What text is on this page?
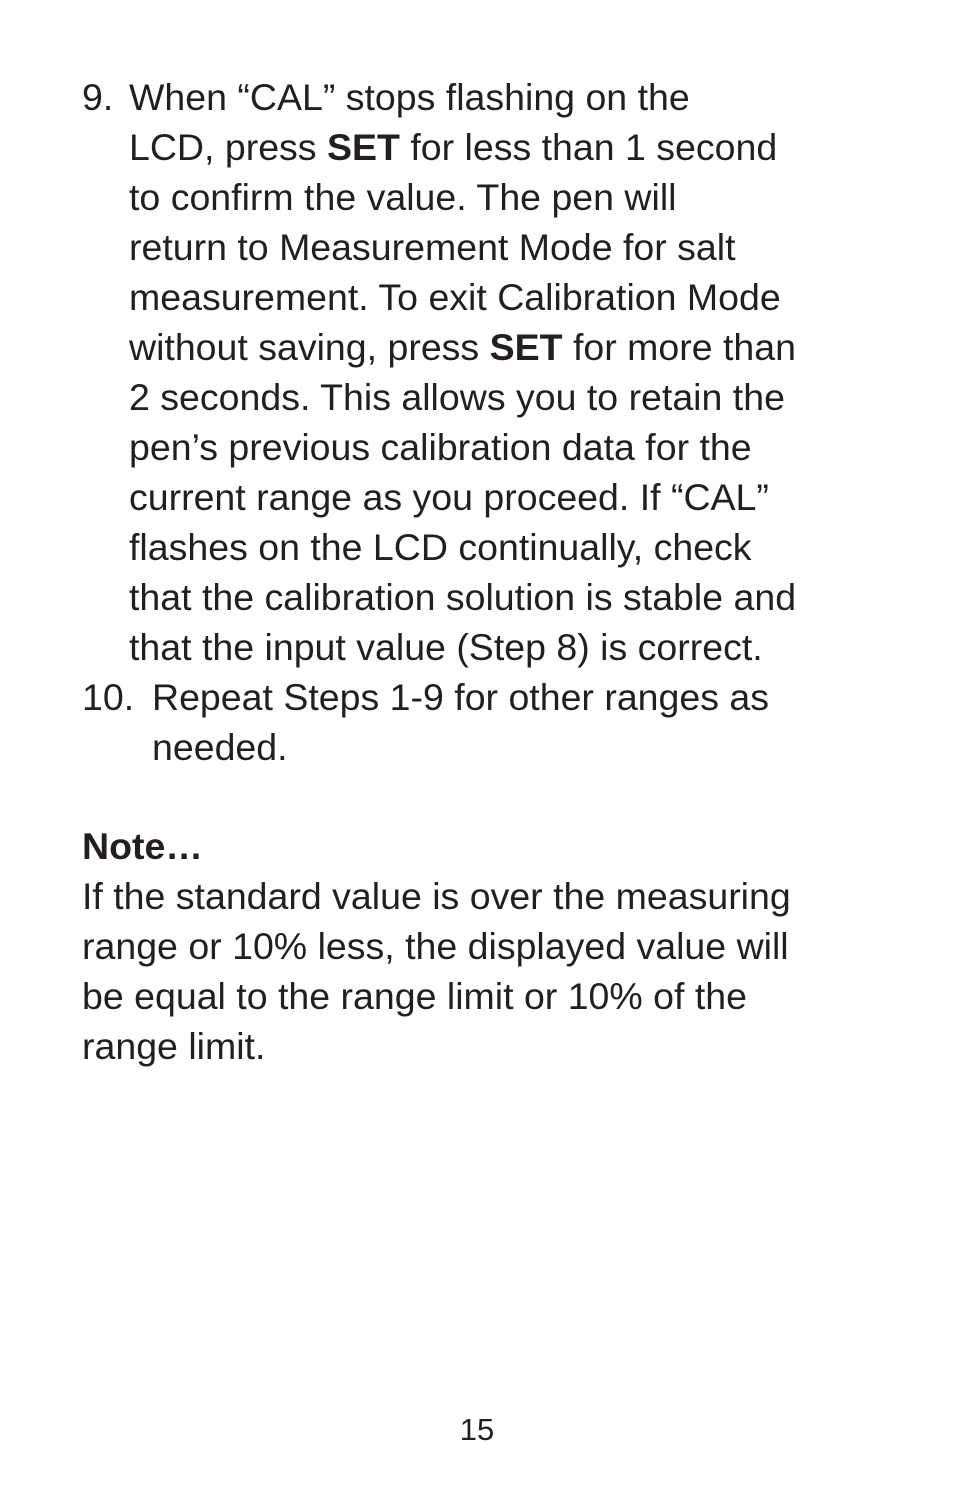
9. When “CAL” stops flashing on the
LCD, press SET for less than 1 second
to confirm the value. The pen will
return to Measurement Mode for salt
measurement. To exit Calibration Mode
without saving, press SET for more than
2 seconds. This allows you to retain the
pen’s previous calibration data for the
current range as you proceed. If “CAL”
flashes on the LCD continually, check
that the calibration solution is stable and
that the input value (Step 8) is correct.
10. Repeat Steps 1-9 for other ranges as
needed.
Note…
If the standard value is over the measuring
range or 10% less, the displayed value will
be equal to the range limit or 10% of the
range limit.
15
